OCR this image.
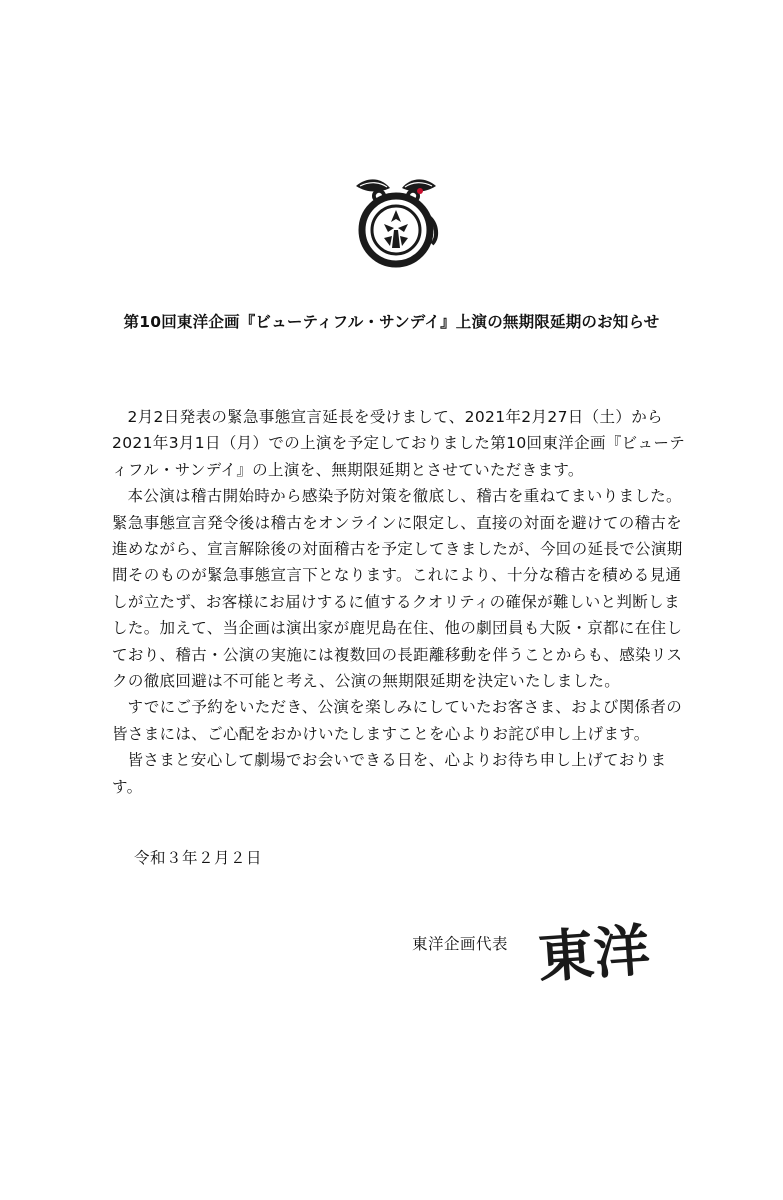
第10回東洋企画『ビューティフル・サンデイ』上演の無期限延期のお知らせ

2月2日発表の緊急事態宣言延長を受けまして、2021年2月27日（土）から2021年3月1日（月）での上演を予定しておりました第10回東洋企画『ビューティフル・サンデイ』の上演を、無期限延期とさせていただきます。

本公演は稽古開始時から感染予防対策を徹底し、稽古を重ねてまいりました。緊急事態宣言発令後は稽古をオンラインに限定し、直接の対面を避けての稽古を進めながら、宣言解除後の対面稽古を予定してきましたが、今回の延長で公演期間そのものが緊急事態宣言下となります。これにより、十分な稽古を積める見通しが立たず、お客様にお届けするに値するクオリティの確保が難しいと判断しました。加えて、当企画は演出家が鹿児島在住、他の劇団員も大阪・京都に在住しており、稽古・公演の実施には複数回の長距離移動を伴うことからも、感染リスクの徹底回避は不可能と考え、公演の無期限延期を決定いたしました。

すでにご予約をいただき、公演を楽しみにしていたお客さま、および関係者の皆さまには、ご心配をおかけいたしますことを心よりお詫び申し上げます。

皆さまと安心して劇場でお会いできる日を、心よりお待ち申し上げております。

令和３年２月２日
東洋企画代表 東洋
